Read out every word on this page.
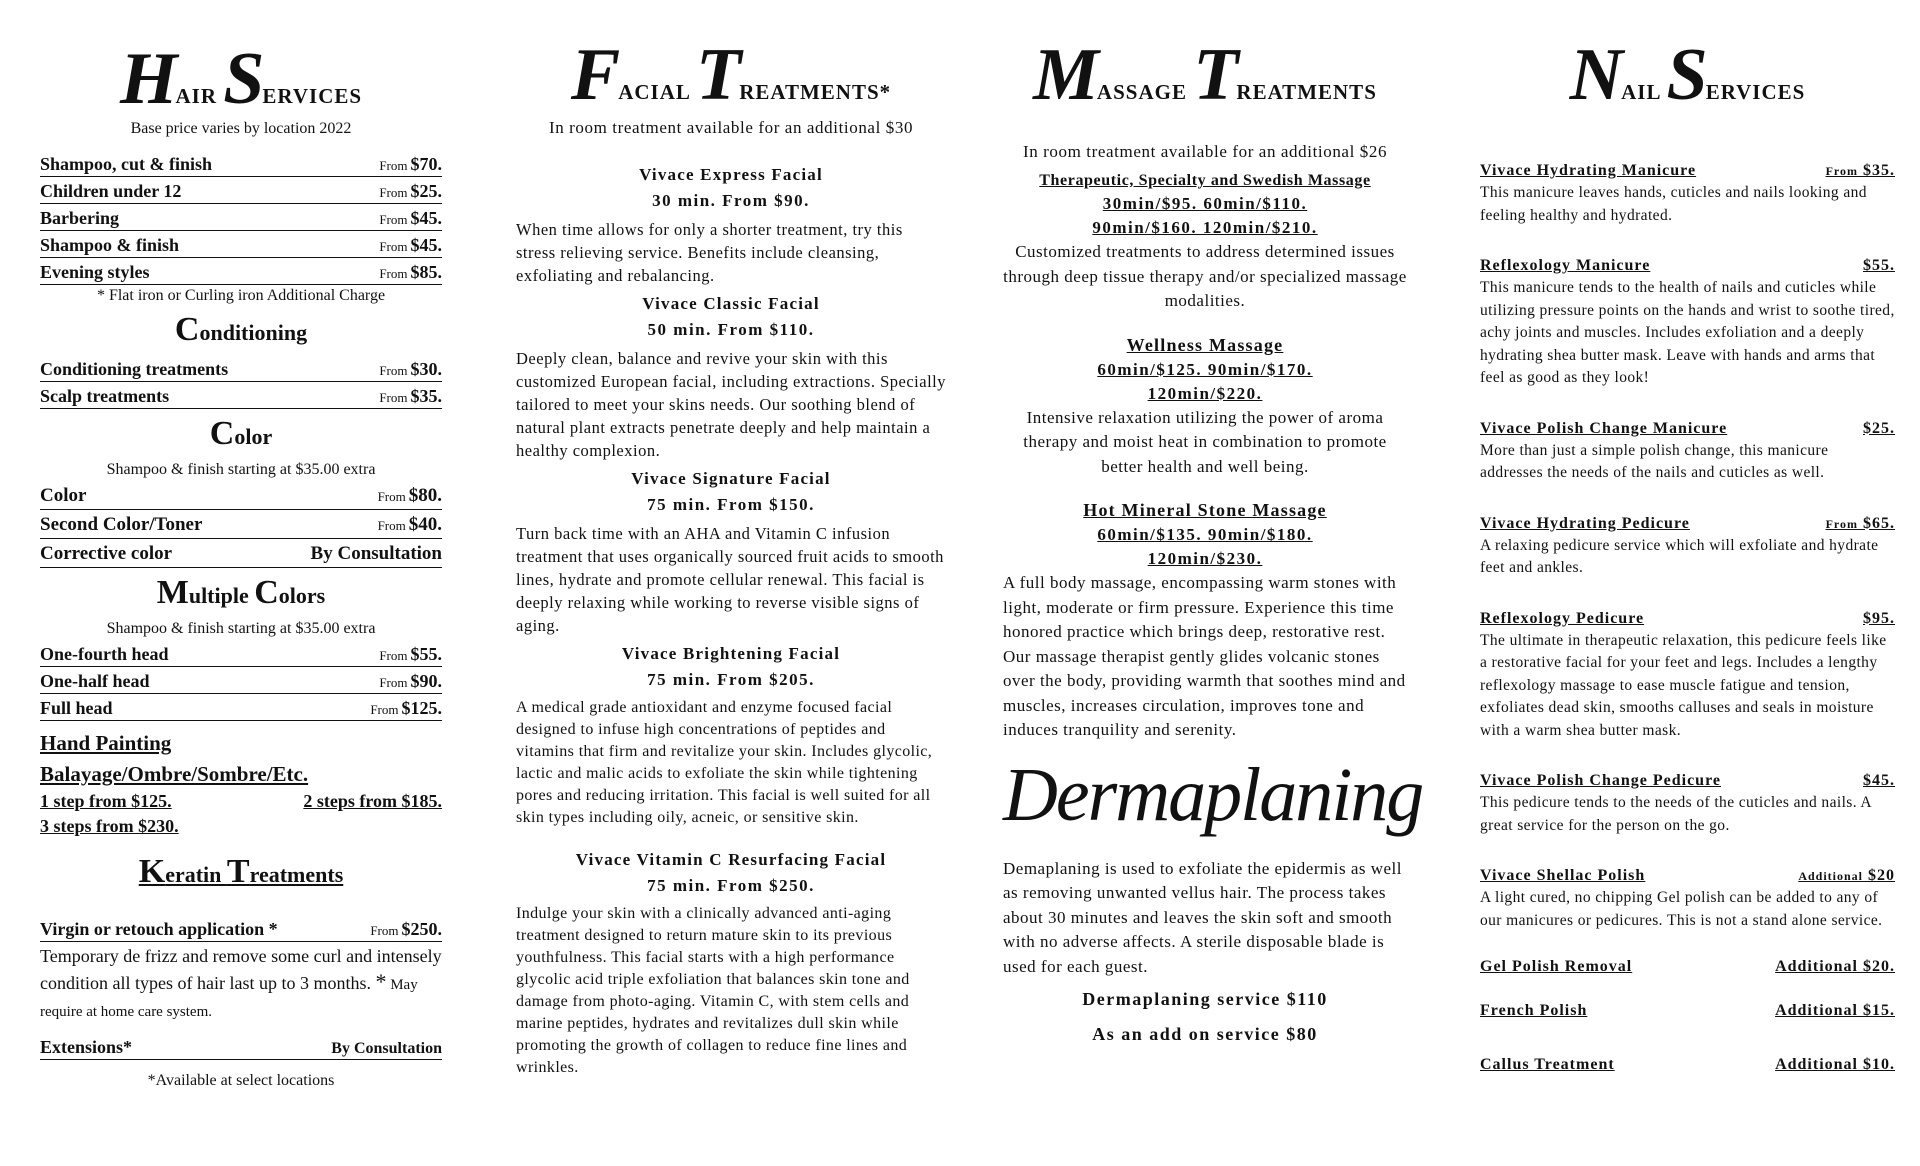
HAIR SERVICES

Base price varies by location 2022

Shampoo, cut & finish	From $70.
Children under 12	From $25.
Barbering	From $45.
Shampoo & finish	From $45.
Evening styles	From $85.

* Flat iron or Curling iron Additional Charge

Conditioning
Conditioning treatments	From $30.
Scalp treatments	From $35.
Color

Shampoo & finish starting at $35.00 extra

Color	From $80.
Second Color/Toner	From $40.
Corrective color	By Consultation
Multiple Colors

Shampoo & finish starting at $35.00 extra

One-fourth head	From $55.
One-half head	From $90.
Full head	From $125.
Hand Painting
Balayage/Ombre/Sombre/Etc.
1 step from $125.	2 steps from $185.
3 steps from $230.
Keratin Treatments
Virgin or retouch application *	From $250.

Temporary de frizz and remove some curl and intensely condition all types of hair last up to 3 months. * May require at home care system.

Extensions*	By Consultation

*Available at select locations

FACIAL TREATMENTS*

In room treatment available for an additional $30

Vivace Express Facial

30 min. From $90.

When time allows for only a shorter treatment, try this stress relieving service. Benefits include cleansing, exfoliating and rebalancing.

Vivace Classic Facial

50 min. From $110.

Deeply clean, balance and revive your skin with this customized European facial, including extractions. Specially tailored to meet your skins needs. Our soothing blend of natural plant extracts penetrate deeply and help maintain a healthy complexion.

Vivace Signature Facial

75 min. From $150.

Turn back time with an AHA and Vitamin C infusion treatment that uses organically sourced fruit acids to smooth lines, hydrate and promote cellular renewal. This facial is deeply relaxing while working to reverse visible signs of aging.

Vivace Brightening Facial

75 min. From $205.

A medical grade antioxidant and enzyme focused facial designed to infuse high concentrations of peptides and vitamins that firm and revitalize your skin. Includes glycolic, lactic and malic acids to exfoliate the skin while tightening pores and reducing irritation. This facial is well suited for all skin types including oily, acneic, or sensitive skin.

Vivace Vitamin C Resurfacing Facial

75 min. From $250.

Indulge your skin with a clinically advanced anti-aging treatment designed to return mature skin to its previous youthfulness. This facial starts with a high performance glycolic acid triple exfoliation that balances skin tone and damage from photo-aging. Vitamin C, with stem cells and marine peptides, hydrates and revitalizes dull skin while promoting the growth of collagen to reduce fine lines and wrinkles.

MASSAGE TREATMENTS

In room treatment available for an additional $26

Therapeutic, Specialty and Swedish Massage

30min/$95. 60min/$110.

90min/$160. 120min/$210.

Customized treatments to address determined issues through deep tissue therapy and/or specialized massage modalities.

Wellness Massage

60min/$125. 90min/$170.

120min/$220.

Intensive relaxation utilizing the power of aroma therapy and moist heat in combination to promote better health and well being.

Hot Mineral Stone Massage

60min/$135. 90min/$180.

120min/$230.

A full body massage, encompassing warm stones with light, moderate or firm pressure. Experience this time honored practice which brings deep, restorative rest. Our massage therapist gently glides volcanic stones over the body, providing warmth that soothes mind and muscles, increases circulation, improves tone and induces tranquility and serenity.

Dermaplaning

Demaplaning is used to exfoliate the epidermis as well as removing unwanted vellus hair. The process takes about 30 minutes and leaves the skin soft and smooth with no adverse affects. A sterile disposable blade is used for each guest.

Dermaplaning service $110

As an add on service $80

NAIL SERVICES

Vivace Hydrating Manicure	From $35.

This manicure leaves hands, cuticles and nails looking and feeling healthy and hydrated.

Reflexology Manicure	$55.

This manicure tends to the health of nails and cuticles while utilizing pressure points on the hands and wrist to soothe tired, achy joints and muscles. Includes exfoliation and a deeply hydrating shea butter mask. Leave with hands and arms that feel as good as they look!

Vivace Polish Change Manicure	$25.

More than just a simple polish change, this manicure addresses the needs of the nails and cuticles as well.

Vivace Hydrating Pedicure	From $65.

A relaxing pedicure service which will exfoliate and hydrate feet and ankles.

Reflexology Pedicure	$95.

The ultimate in therapeutic relaxation, this pedicure feels like a restorative facial for your feet and legs. Includes a lengthy reflexology massage to ease muscle fatigue and tension, exfoliates dead skin, smooths calluses and seals in moisture with a warm shea butter mask.

Vivace Polish Change Pedicure	$45.

This pedicure tends to the needs of the cuticles and nails. A great service for the person on the go.

Vivace Shellac Polish	Additional $20

A light cured, no chipping Gel polish can be added to any of our manicures or pedicures. This is not a stand alone service.

Gel Polish Removal	Additional $20.

French Polish	Additional $15.

Callus Treatment	Additional $10.
